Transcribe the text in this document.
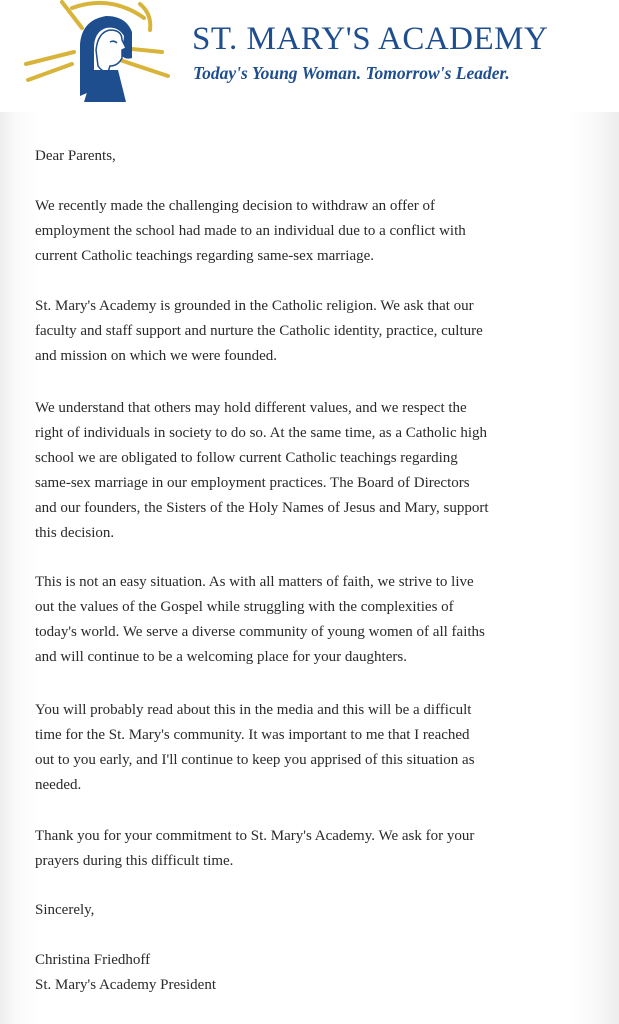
ST. MARY'S ACADEMY
Today's Young Woman. Tomorrow's Leader.

Dear Parents,

We recently made the challenging decision to withdraw an offer of
employment the school had made to an individual due to a conflict with
current Catholic teachings regarding same-sex marriage.

St. Mary's Academy is grounded in the Catholic religion. We ask that our
faculty and staff support and nurture the Catholic identity, practice, culture
and mission on which we were founded.

We understand that others may hold different values, and we respect the
right of individuals in society to do so. At the same time, as a Catholic high
school we are obligated to follow current Catholic teachings regarding
same-sex marriage in our employment practices. The Board of Directors
and our founders, the Sisters of the Holy Names of Jesus and Mary, support
this decision.

This is not an easy situation. As with all matters of faith, we strive to live
out the values of the Gospel while struggling with the complexities of
today's world. We serve a diverse community of young women of all faiths
and will continue to be a welcoming place for your daughters.

You will probably read about this in the media and this will be a difficult
time for the St. Mary's community. It was important to me that I reached
out to you early, and I'll continue to keep you apprised of this situation as
needed.

Thank you for your commitment to St. Mary's Academy. We ask for your
prayers during this difficult time.

Sincerely,

Christina Friedhoff
St. Mary's Academy President
